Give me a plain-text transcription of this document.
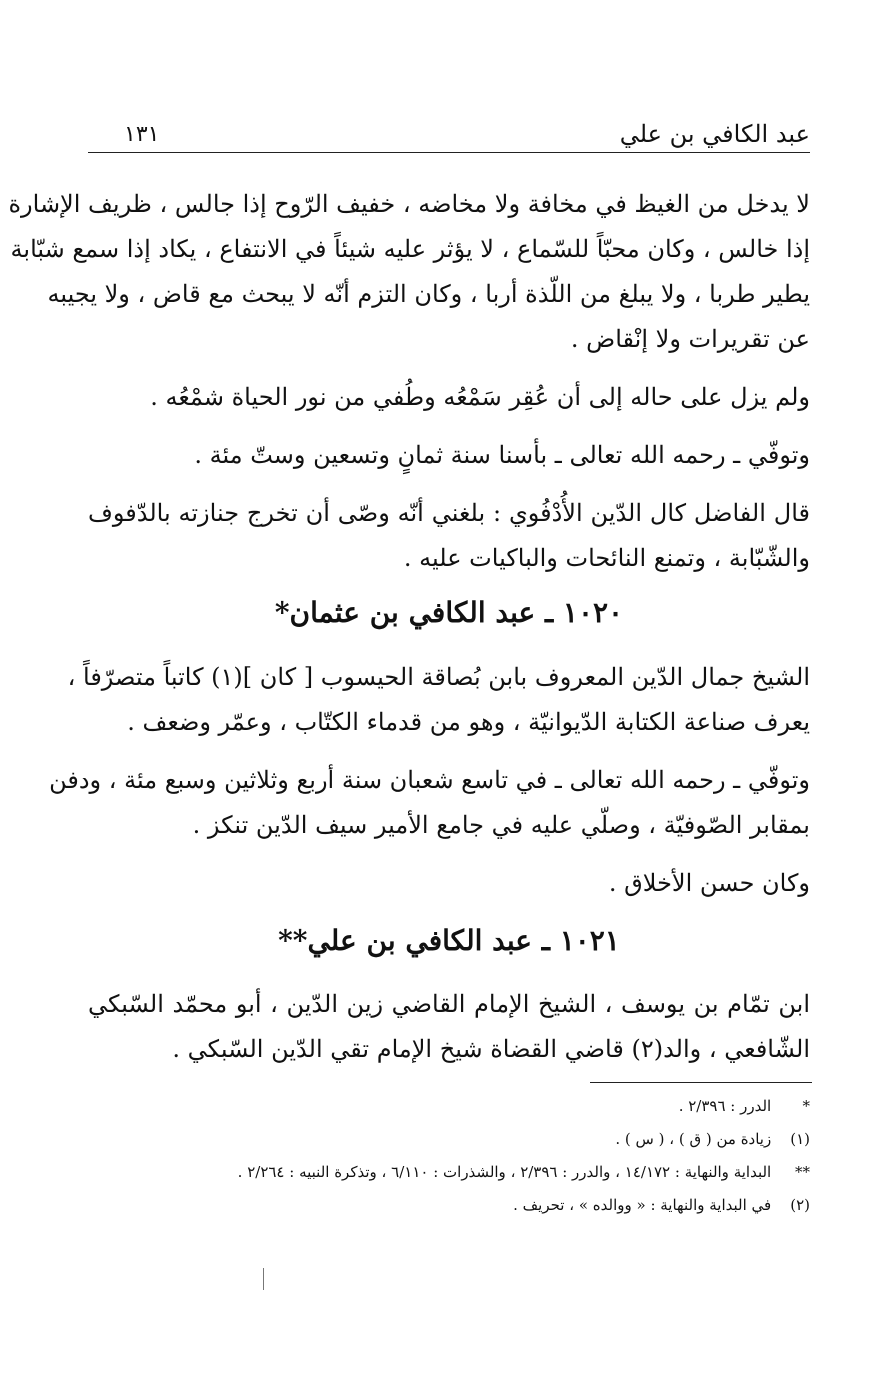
عبد الكافي بن علي
١٣١
لا يدخل من الغيظ في مخافة ولا مخاضه ، خفيف الرّوح إذا جالس ، ظريف الإشارة
إذا خالس ، وكان محبّاً للسّماع ، لا يؤثر عليه شيئاً في الانتفاع ، يكاد إذا سمع شبّابة
يطير طربا ، ولا يبلغ من اللّذة أربا ، وكان التزم أنّه لا يبحث مع قاض ، ولا يجيبه
عن تقريرات ولا إنْقاض .
ولم يزل على حاله إلى أن عُقِر سَمْعُه وطُفي من نور الحياة شمْعُه .
وتوفّي ـ رحمه الله تعالى ـ بأسنا سنة ثمانٍ وتسعين وستّ مئة .
قال الفاضل كال الدّين الأُدْفُوي : بلغني أنّه وصّى أن تخرج جنازته بالدّفوف
والشّبّابة ، وتمنع النائحات والباكيات عليه .
١٠٢٠ ـ عبد الكافي بن عثمان*
الشيخ جمال الدّين المعروف بابن بُصاقة الحيسوب [ كان ](١) كاتباً متصرّفاً ،
يعرف صناعة الكتابة الدّيوانيّة ، وهو من قدماء الكتّاب ، وعمّر وضعف .
وتوفّي ـ رحمه الله تعالى ـ في تاسع شعبان سنة أربع وثلاثين وسبع مئة ، ودفن
بمقابر الصّوفيّة ، وصلّي عليه في جامع الأمير سيف الدّين تنكز .
وكان حسن الأخلاق .
١٠٢١ ـ عبد الكافي بن علي**
ابن تمّام بن يوسف ، الشيخ الإمام القاضي زين الدّين ، أبو محمّد السّبكي
الشّافعي ، والد(٢) قاضي القضاة شيخ الإمام تقي الدّين السّبكي .
* الدرر : ٢/٣٩٦ .
(١) زيادة من ( ق ) ، ( س ) .
** البداية والنهاية : ١٤/١٧٢ ، والدرر : ٢/٣٩٦ ، والشذرات : ٦/١١٠ ، وتذكرة النبيه : ٢/٢٦٤ .
(٢) في البداية والنهاية : « ووالده » ، تحريف .
